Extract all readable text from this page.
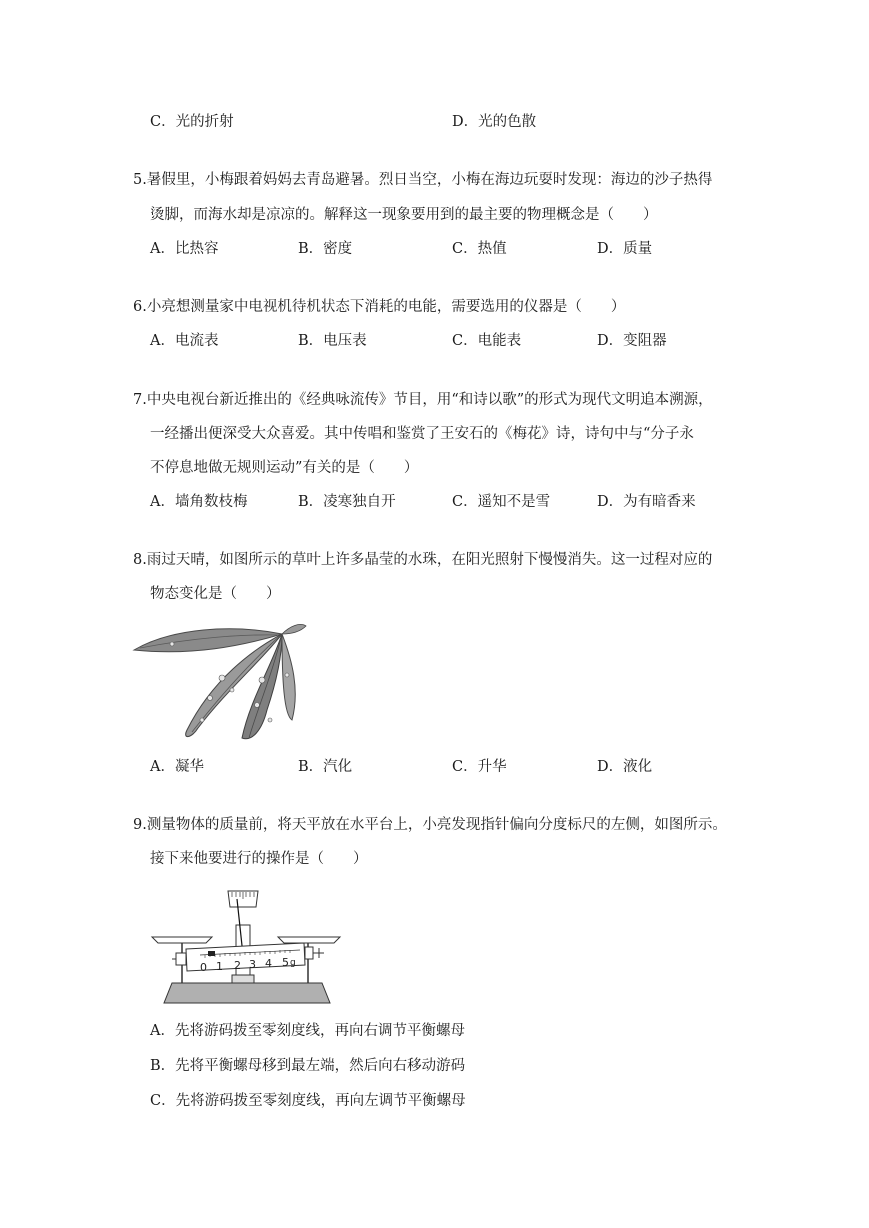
C．光的折射	D．光的色散
5.暑假里，小梅跟着妈妈去青岛避暑。烈日当空，小梅在海边玩耍时发现：海边的沙子热得
烫脚，而海水却是凉凉的。解释这一现象要用到的最主要的物理概念是（　　）
A．比热容	B．密度	C．热值	D．质量
6.小亮想测量家中电视机待机状态下消耗的电能，需要选用的仪器是（　　）
A．电流表	B．电压表	C．电能表	D．变阻器
7.中央电视台新近推出的《经典咏流传》节目，用“和诗以歌”的形式为现代文明追本溯源，
一经播出便深受大众喜爱。其中传唱和鉴赏了王安石的《梅花》诗，诗句中与“分子永
不停息地做无规则运动”有关的是（　　）
A．墙角数枝梅	B．凌寒独自开	C．遥知不是雪	D．为有暗香来
8.雨过天晴，如图所示的草叶上许多晶莹的水珠，在阳光照射下慢慢消失。这一过程对应的
物态变化是（　　）
A．凝华	B．汽化	C．升华	D．液化
9.测量物体的质量前，将天平放在水平台上，小亮发现指针偏向分度标尺的左侧，如图所示。
接下来他要进行的操作是（　　）
0 1 2 3 4 5 g
A．先将游码拨至零刻度线，再向右调节平衡螺母
B．先将平衡螺母移到最左端，然后向右移动游码
C．先将游码拨至零刻度线，再向左调节平衡螺母
